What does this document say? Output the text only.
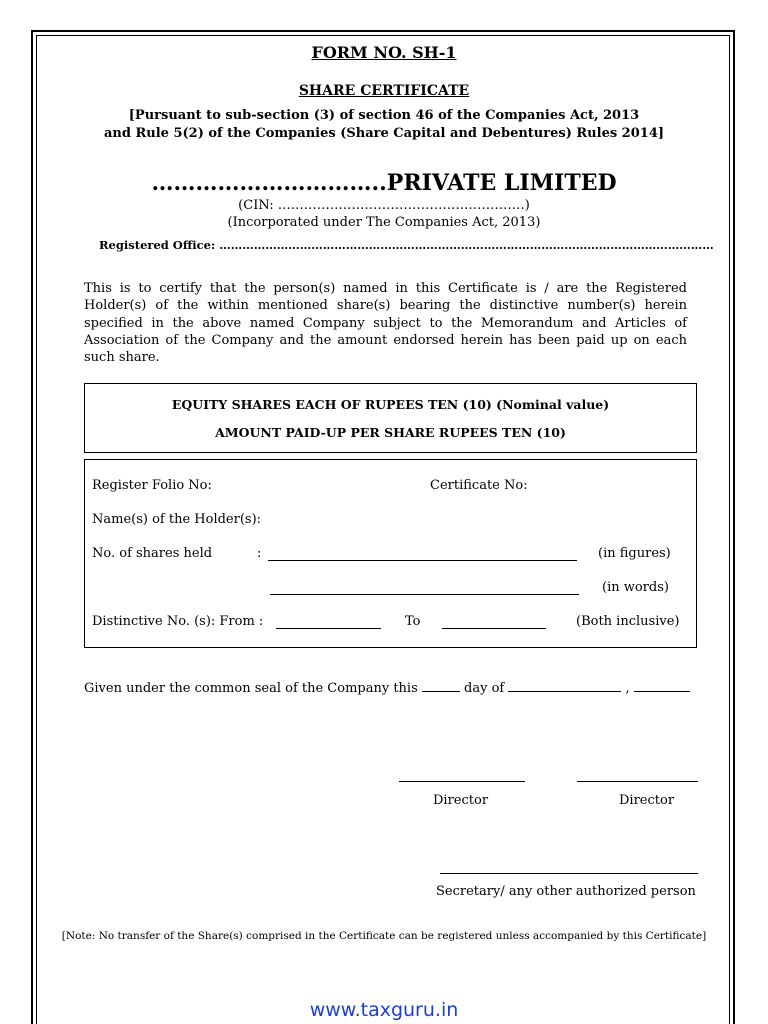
FORM NO. SH-1
SHARE CERTIFICATE
[Pursuant to sub-section (3) of section 46 of the Companies Act, 2013
and Rule 5(2) of the Companies (Share Capital and Debentures) Rules 2014]
…………………………..PRIVATE LIMITED
(CIN: …………………………………………………)
(Incorporated under The Companies Act, 2013)
Registered Office: …………………………………………………………………………………………………………………
This is to certify that the person(s) named in this Certificate is / are the Registered Holder(s) of the within mentioned share(s) bearing the distinctive number(s) herein specified in the above named Company subject to the Memorandum and Articles of Association of the Company and the amount endorsed herein has been paid up on each such share.
EQUITY SHARES EACH OF RUPEES TEN (10) (Nominal value)
AMOUNT PAID-UP PER SHARE RUPEES TEN (10)
Register Folio No:	Certificate No:
Name(s) of the Holder(s):
No. of shares held	:	(in figures)
(in words)
Distinctive No. (s): From :	To	(Both inclusive)
Given under the common seal of the Company this	day of	,
Director	Director
Secretary/ any other authorized person
[Note: No transfer of the Share(s) comprised in the Certificate can be registered unless accompanied by this Certificate]
www.taxguru.in
